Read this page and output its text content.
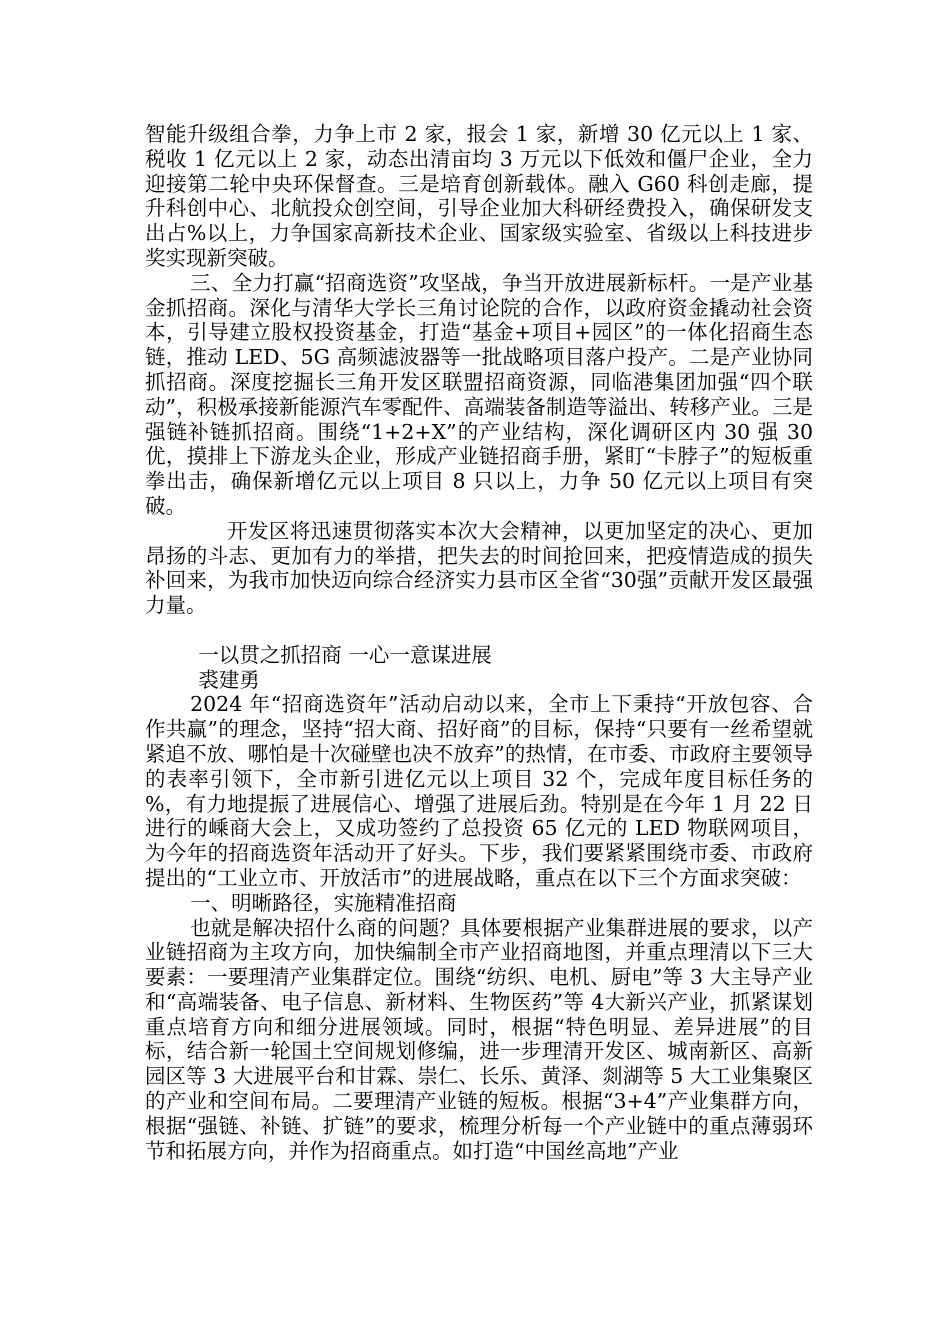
智能升级组合拳，力争上市 2 家，报会 1 家，新增 30 亿元以上 1 家、税收 1 亿元以上 2 家，动态出清亩均 3 万元以下低效和僵尸企业，全力迎接第二轮中央环保督查。三是培育创新载体。融入 G60 科创走廊，提升科创中心、北航投众创空间，引导企业加大科研经费投入，确保研发支出占%以上，力争国家高新技术企业、国家级实验室、省级以上科技进步奖实现新突破。

三、全力打赢“招商选资”攻坚战，争当开放进展新标杆。一是产业基金抓招商。深化与清华大学长三角讨论院的合作，以政府资金撬动社会资本，引导建立股权投资基金，打造“基金+项目+园区”的一体化招商生态链，推动 LED、5G 高频滤波器等一批战略项目落户投产。二是产业协同抓招商。深度挖掘长三角开发区联盟招商资源，同临港集团加强“四个联动”，积极承接新能源汽车零配件、高端装备制造等溢出、转移产业。三是强链补链抓招商。围绕“1+2+X”的产业结构，深化调研区内 30 强 30 优，摸排上下游龙头企业，形成产业链招商手册，紧盯“卡脖子”的短板重拳出击，确保新增亿元以上项目 8 只以上，力争 50 亿元以上项目有突破。

开发区将迅速贯彻落实本次大会精神，以更加坚定的决心、更加昂扬的斗志、更加有力的举措，把失去的时间抢回来，把疫情造成的损失补回来，为我市加快迈向综合经济实力县市区全省“30强”贡献开发区最强力量。

一以贯之抓招商 一心一意谋进展

裘建勇

2024 年“招商选资年”活动启动以来，全市上下秉持“开放包容、合作共赢”的理念，坚持“招大商、招好商”的目标，保持“只要有一丝希望就紧追不放、哪怕是十次碰壁也决不放弃”的热情，在市委、市政府主要领导的表率引领下，全市新引进亿元以上项目 32 个，完成年度目标任务的 %，有力地提振了进展信心、增强了进展后劲。特别是在今年 1 月 22 日进行的嵊商大会上，又成功签约了总投资 65 亿元的 LED 物联网项目，为今年的招商选资年活动开了好头。下步，我们要紧紧围绕市委、市政府提出的“工业立市、开放活市”的进展战略，重点在以下三个方面求突破：

一、明晰路径，实施精准招商

也就是解决招什么商的问题？具体要根据产业集群进展的要求，以产业链招商为主攻方向，加快编制全市产业招商地图，并重点理清以下三大要素：一要理清产业集群定位。围绕“纺织、电机、厨电”等 3 大主导产业和“高端装备、电子信息、新材料、生物医药”等 4大新兴产业，抓紧谋划重点培育方向和细分进展领域。同时，根据“特色明显、差异进展”的目标，结合新一轮国土空间规划修编，进一步理清开发区、城南新区、高新园区等 3 大进展平台和甘霖、崇仁、长乐、黄泽、剡湖等 5 大工业集聚区的产业和空间布局。二要理清产业链的短板。根据“3+4”产业集群方向，根据“强链、补链、扩链”的要求，梳理分析每一个产业链中的重点薄弱环节和拓展方向，并作为招商重点。如打造“中国丝高地”产业
